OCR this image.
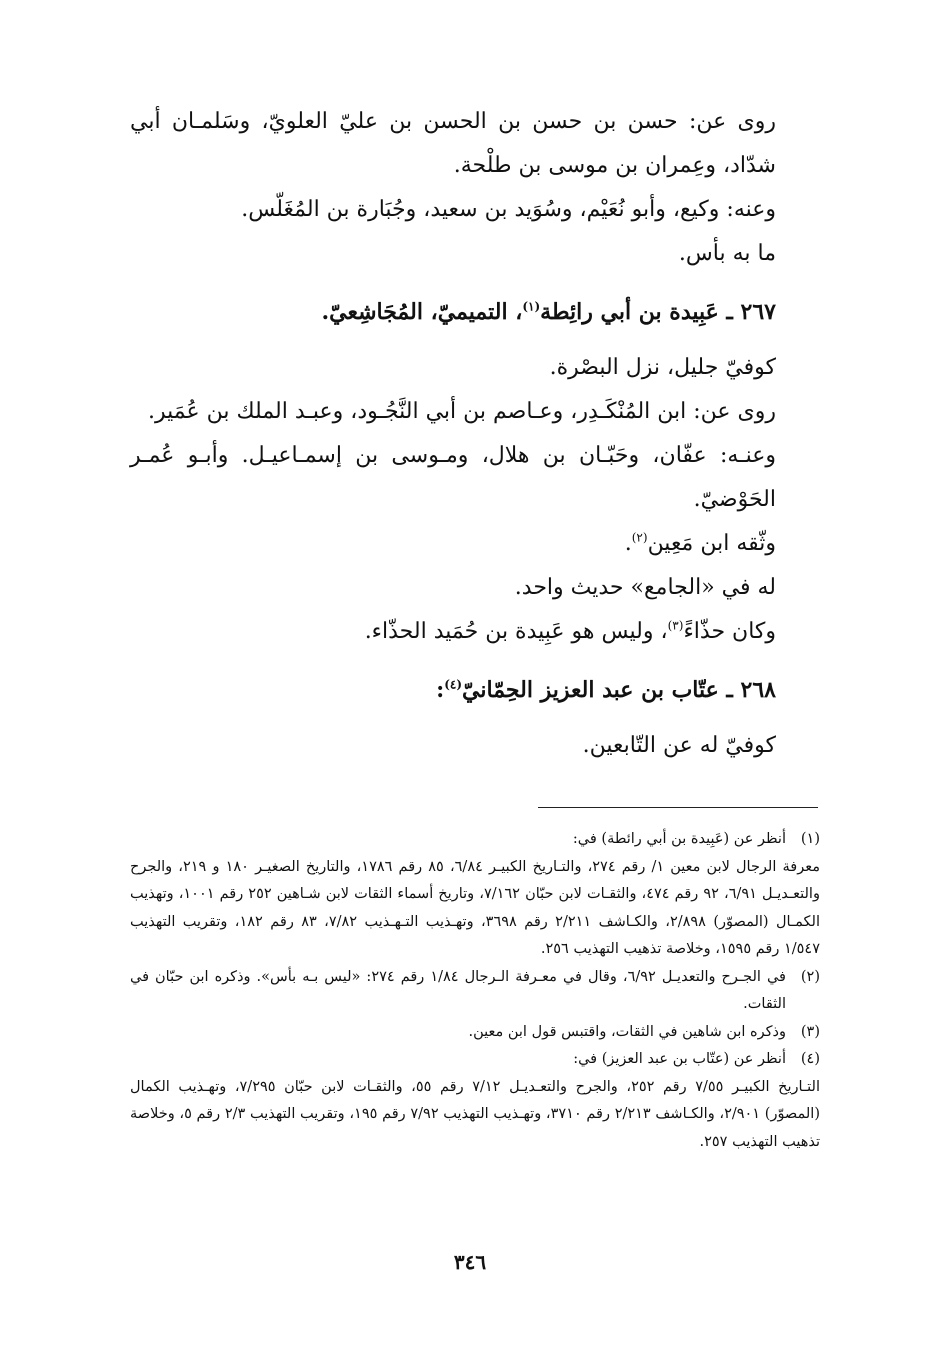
روى عن: حسن بن حسن بن الحسن بن عليّ العلويّ، وسَلمـان أبي شدّاد، وعِمران بن موسى بن طلْحة.

وعنه: وكيع، وأبو نُعَيْم، وسُوَيد بن سعيد، وجُبَارة بن المُغَلّس.

ما به بأس.

٢٦٧ ـ عَبِيدة بن أبي رائِطة$^{(١)}$، التميميّ، المُجَاشِعيّ.

كوفيّ جليل، نزل البصْرة.

روى عن: ابن المُنْكَـدِر، وعـاصم بن أبي النَّجُـود، وعبـد الملك بن عُمَير.

وعنـه: عفّان، وحَبّـان بن هلال، ومـوسى بن إسمـاعيـل. وأبـو عُمـر الحَوْضيّ.

وثّقه ابن مَعِين$^{(٢)}$.

له في «الجامع» حديث واحد.

وكان حذّاءً$^{(٣)}$، وليس هو عَبِيدة بن حُمَيد الحذّاء.

٢٦٨ ـ عتّاب بن عبد العزيز الحِمّانيّ$^{(٤)}$:

كوفيّ له عن التّابعين.

(١)
أنظر عن (عَبِيدة بن أبي رائطة) في:
معرفة الرجال لابن معين ١/ رقم ٢٧٤، والتـاريخ الكبيـر ٦/٨٤، ٨٥ رقم ١٧٨٦، والتاريخ الصغيـر ١٨٠ و ٢١٩، والجرح والتعـديـل ٦/٩١، ٩٢ رقم ٤٧٤، والثقـات لابن حبّان ٧/١٦٢، وتاريخ أسماء الثقات لابن شـاهين ٢٥٢ رقم ١٠٠١، وتهذيب الكمـال (المصوّر) ٢/٨٩٨، والكـاشف ٢/٢١١ رقم ٣٦٩٨، وتهـذيب التـهـذيب ٧/٨٢، ٨٣ رقم ١٨٢، وتقريب التهذيب ١/٥٤٧ رقم ١٥٩٥، وخلاصة تذهيب التهذيب ٢٥٦.
(٢)
في الجـرح والتعديـل ٦/٩٢، وقال في معـرفة الـرجال ١/٨٤ رقم ٢٧٤: «ليس بـه بأس». وذكره ابن حبّان في الثقات.
(٣)
وذكره ابن شاهين في الثقات، واقتبس قول ابن معين.
(٤)
أنظر عن (عتّاب بن عبد العزيز) في:
التـاريخ الكبيـر ٧/٥٥ رقم ٢٥٢، والجرح والتعـديـل ٧/١٢ رقم ٥٥، والثقـات لابن حبّان ٧/٢٩٥، وتهـذيب الكمال (المصوّر) ٢/٩٠١، والكـاشف ٢/٢١٣ رقم ٣٧١٠، وتهـذيب التهذيب ٧/٩٢ رقم ١٩٥، وتقريب التهذيب ٢/٣ رقم ٥، وخلاصة تذهيب التهذيب ٢٥٧.
٣٤٦
